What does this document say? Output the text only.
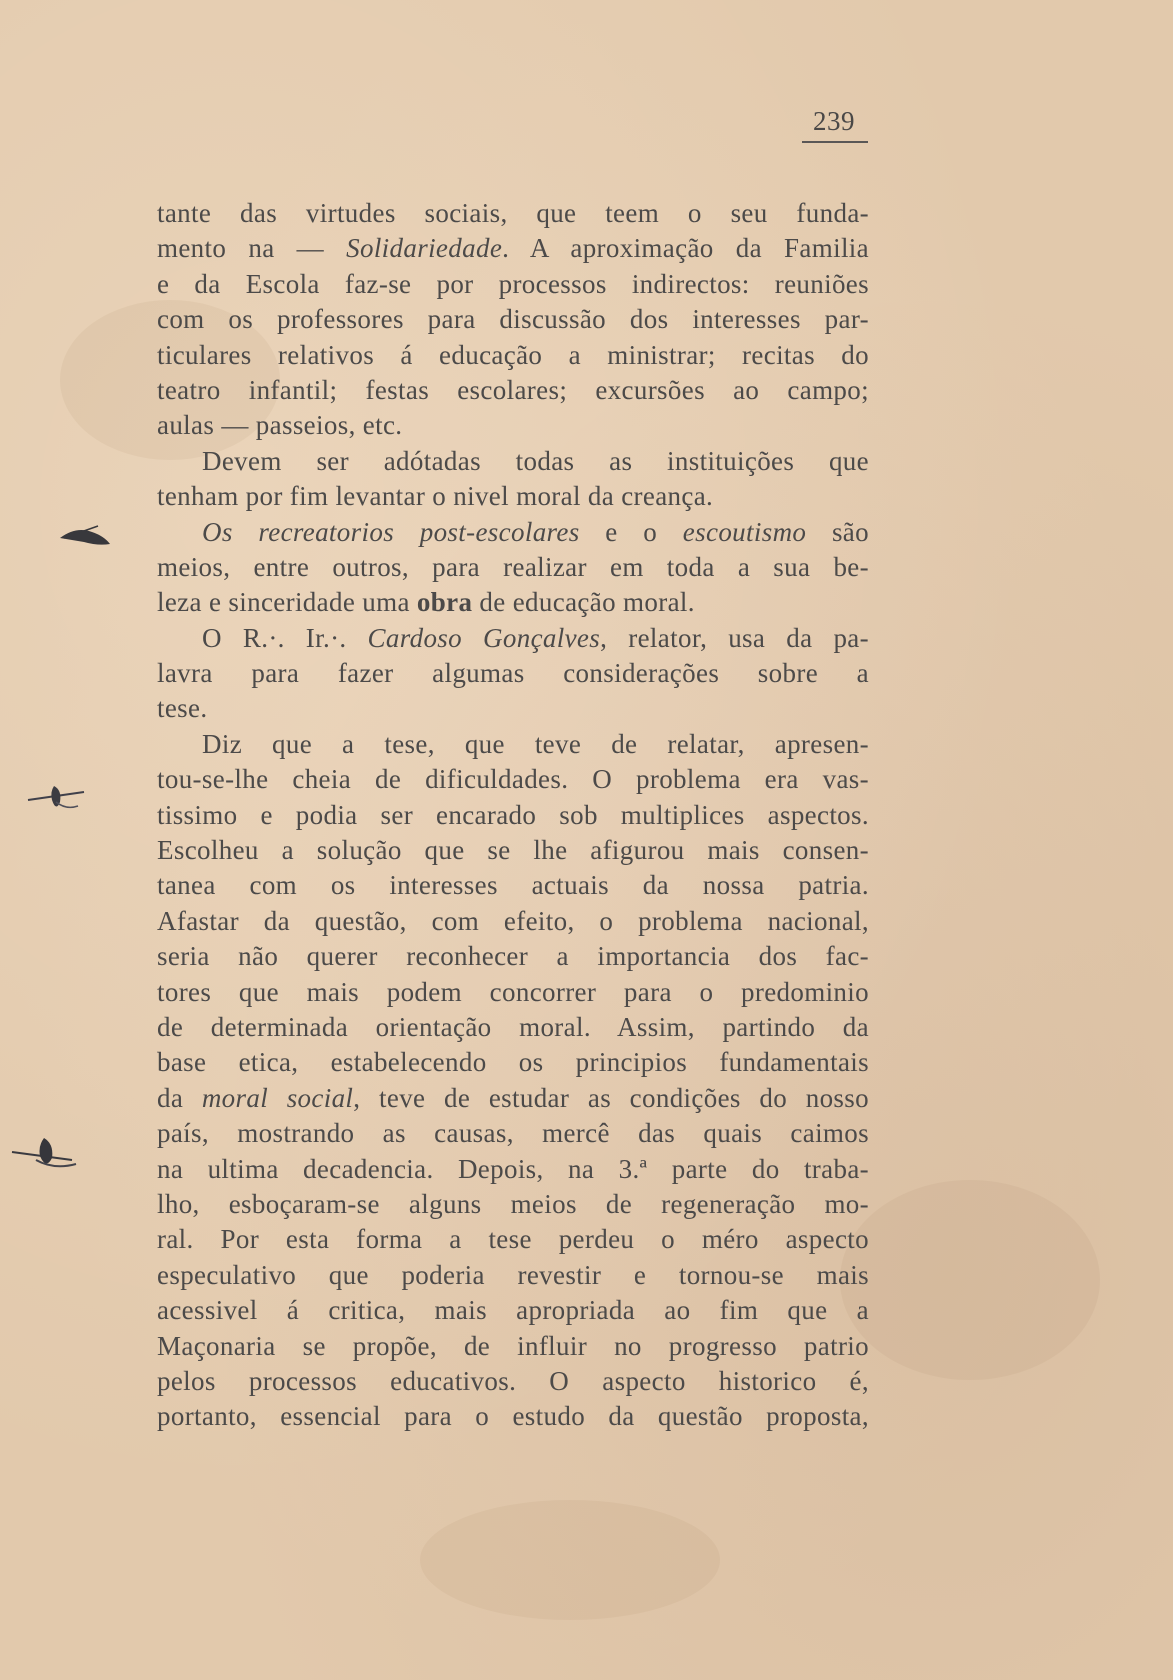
239
tante das virtudes sociais, que teem o seu funda-
mento na — Solidariedade. A aproximação da Familia
e da Escola faz-se por processos indirectos: reuniões
com os professores para discussão dos interesses par-
ticulares relativos á educação a ministrar; recitas do
teatro infantil; festas escolares; excursões ao campo;
aulas — passeios, etc.
Devem ser adótadas todas as instituições que
tenham por fim levantar o nivel moral da creança.
Os recreatorios post-escolares e o escoutismo são
meios, entre outros, para realizar em toda a sua be-
leza e sinceridade uma obra de educação moral.
O R.·. Ir.·. Cardoso Gonçalves, relator, usa da pa-
lavra para fazer algumas considerações sobre a
tese.
Diz que a tese, que teve de relatar, apresen-
tou-se-lhe cheia de dificuldades. O problema era vas-
tissimo e podia ser encarado sob multiplices aspectos.
Escolheu a solução que se lhe afigurou mais consen-
tanea com os interesses actuais da nossa patria.
Afastar da questão, com efeito, o problema nacional,
seria não querer reconhecer a importancia dos fac-
tores que mais podem concorrer para o predominio
de determinada orientação moral. Assim, partindo da
base etica, estabelecendo os principios fundamentais
da moral social, teve de estudar as condições do nosso
país, mostrando as causas, mercê das quais caimos
na ultima decadencia. Depois, na 3.ª parte do traba-
lho, esboçaram-se alguns meios de regeneração mo-
ral. Por esta forma a tese perdeu o méro aspecto
especulativo que poderia revestir e tornou-se mais
acessivel á critica, mais apropriada ao fim que a
Maçonaria se propõe, de influir no progresso patrio
pelos processos educativos. O aspecto historico é,
portanto, essencial para o estudo da questão proposta,
